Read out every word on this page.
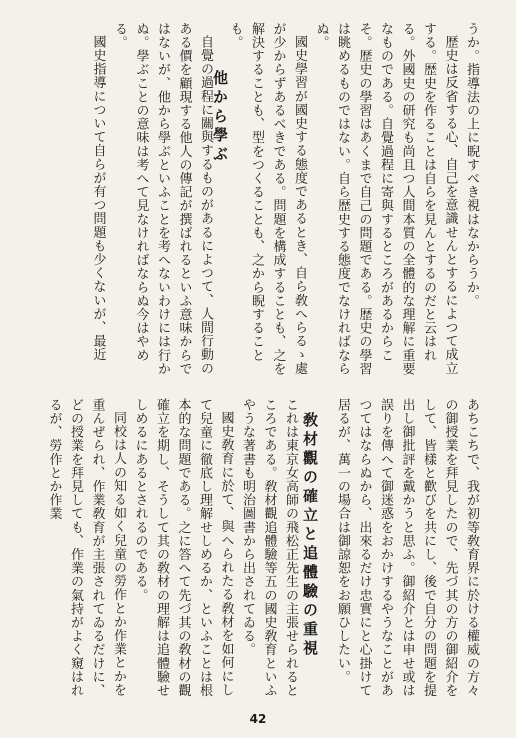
うか。指導法の上に睨すべき視はなからうか。

歴史は反省する心、自己を意識せんとするによつて成立する。歴史を作ることは自らを見んとするのだと云はれる。外國史の研究も尚且つ人間本質の全體的な理解に重要なものである。自覺過程に寄與するところがあるからこそ。歴史の學習はあくまで自己の問題である。歴史の學習は眺めるものではない。自ら歴史する態度でなければならぬ。

國史學習が國史する態度であるとき、自ら敎へらるゝ處が少からずあるべきである。問題を構成することも、之を解決することも、型をつくることも、之から睨することも。

他から學ぶ

自覺の過程に關與するものがあるによつて、人間行動のある價を顧現する他人の傳記が撰ばれるといふ意味からではないが、他から學ぶといふことを考へないわけには行かぬ。學ぶことの意味は考へて見なければならぬ今はやめる。

國史指導について自らが有つ問題も少くないが、最近

あちこちで、我が初等敎育界に於ける權威の方々の御授業を拜見したので、先づ其の方の御紹介をして、皆樣と歡びを共にし、後で自分の問題を提出し御批評を戴かうと思ふ。御紹介とは申せ或は誤りを傳へて御迷惑をおかけするやうなことがあつてはならぬから、出來るだけ忠實にと心掛けて居るが、萬一の場合は御諒恕をお願ひしたい。

敎材觀の確立と追體驗の重視

これは東京女高師の飛松正先生の主張せられるところである。敎材觀追體驗等五の國史敎育といふやうな著書も明治圖書から出されてゐる。

國史敎育に於て、與へられたる敎材を如何にして兒童に徹底し理解せしめるか、といふことは根本的な問題である。之に答へて先づ其の敎材の觀確立を期し、そうして其の敎材の理解は追體驗せしめるにあるとされるのである。

同校は人の知る如く兒童の勞作とか作業とかを重んぜられ、作業敎育が主張されてゐるだけに、どの授業を拜見しても、作業の氣持がよく窺はれるが、勞作とか作業

42
